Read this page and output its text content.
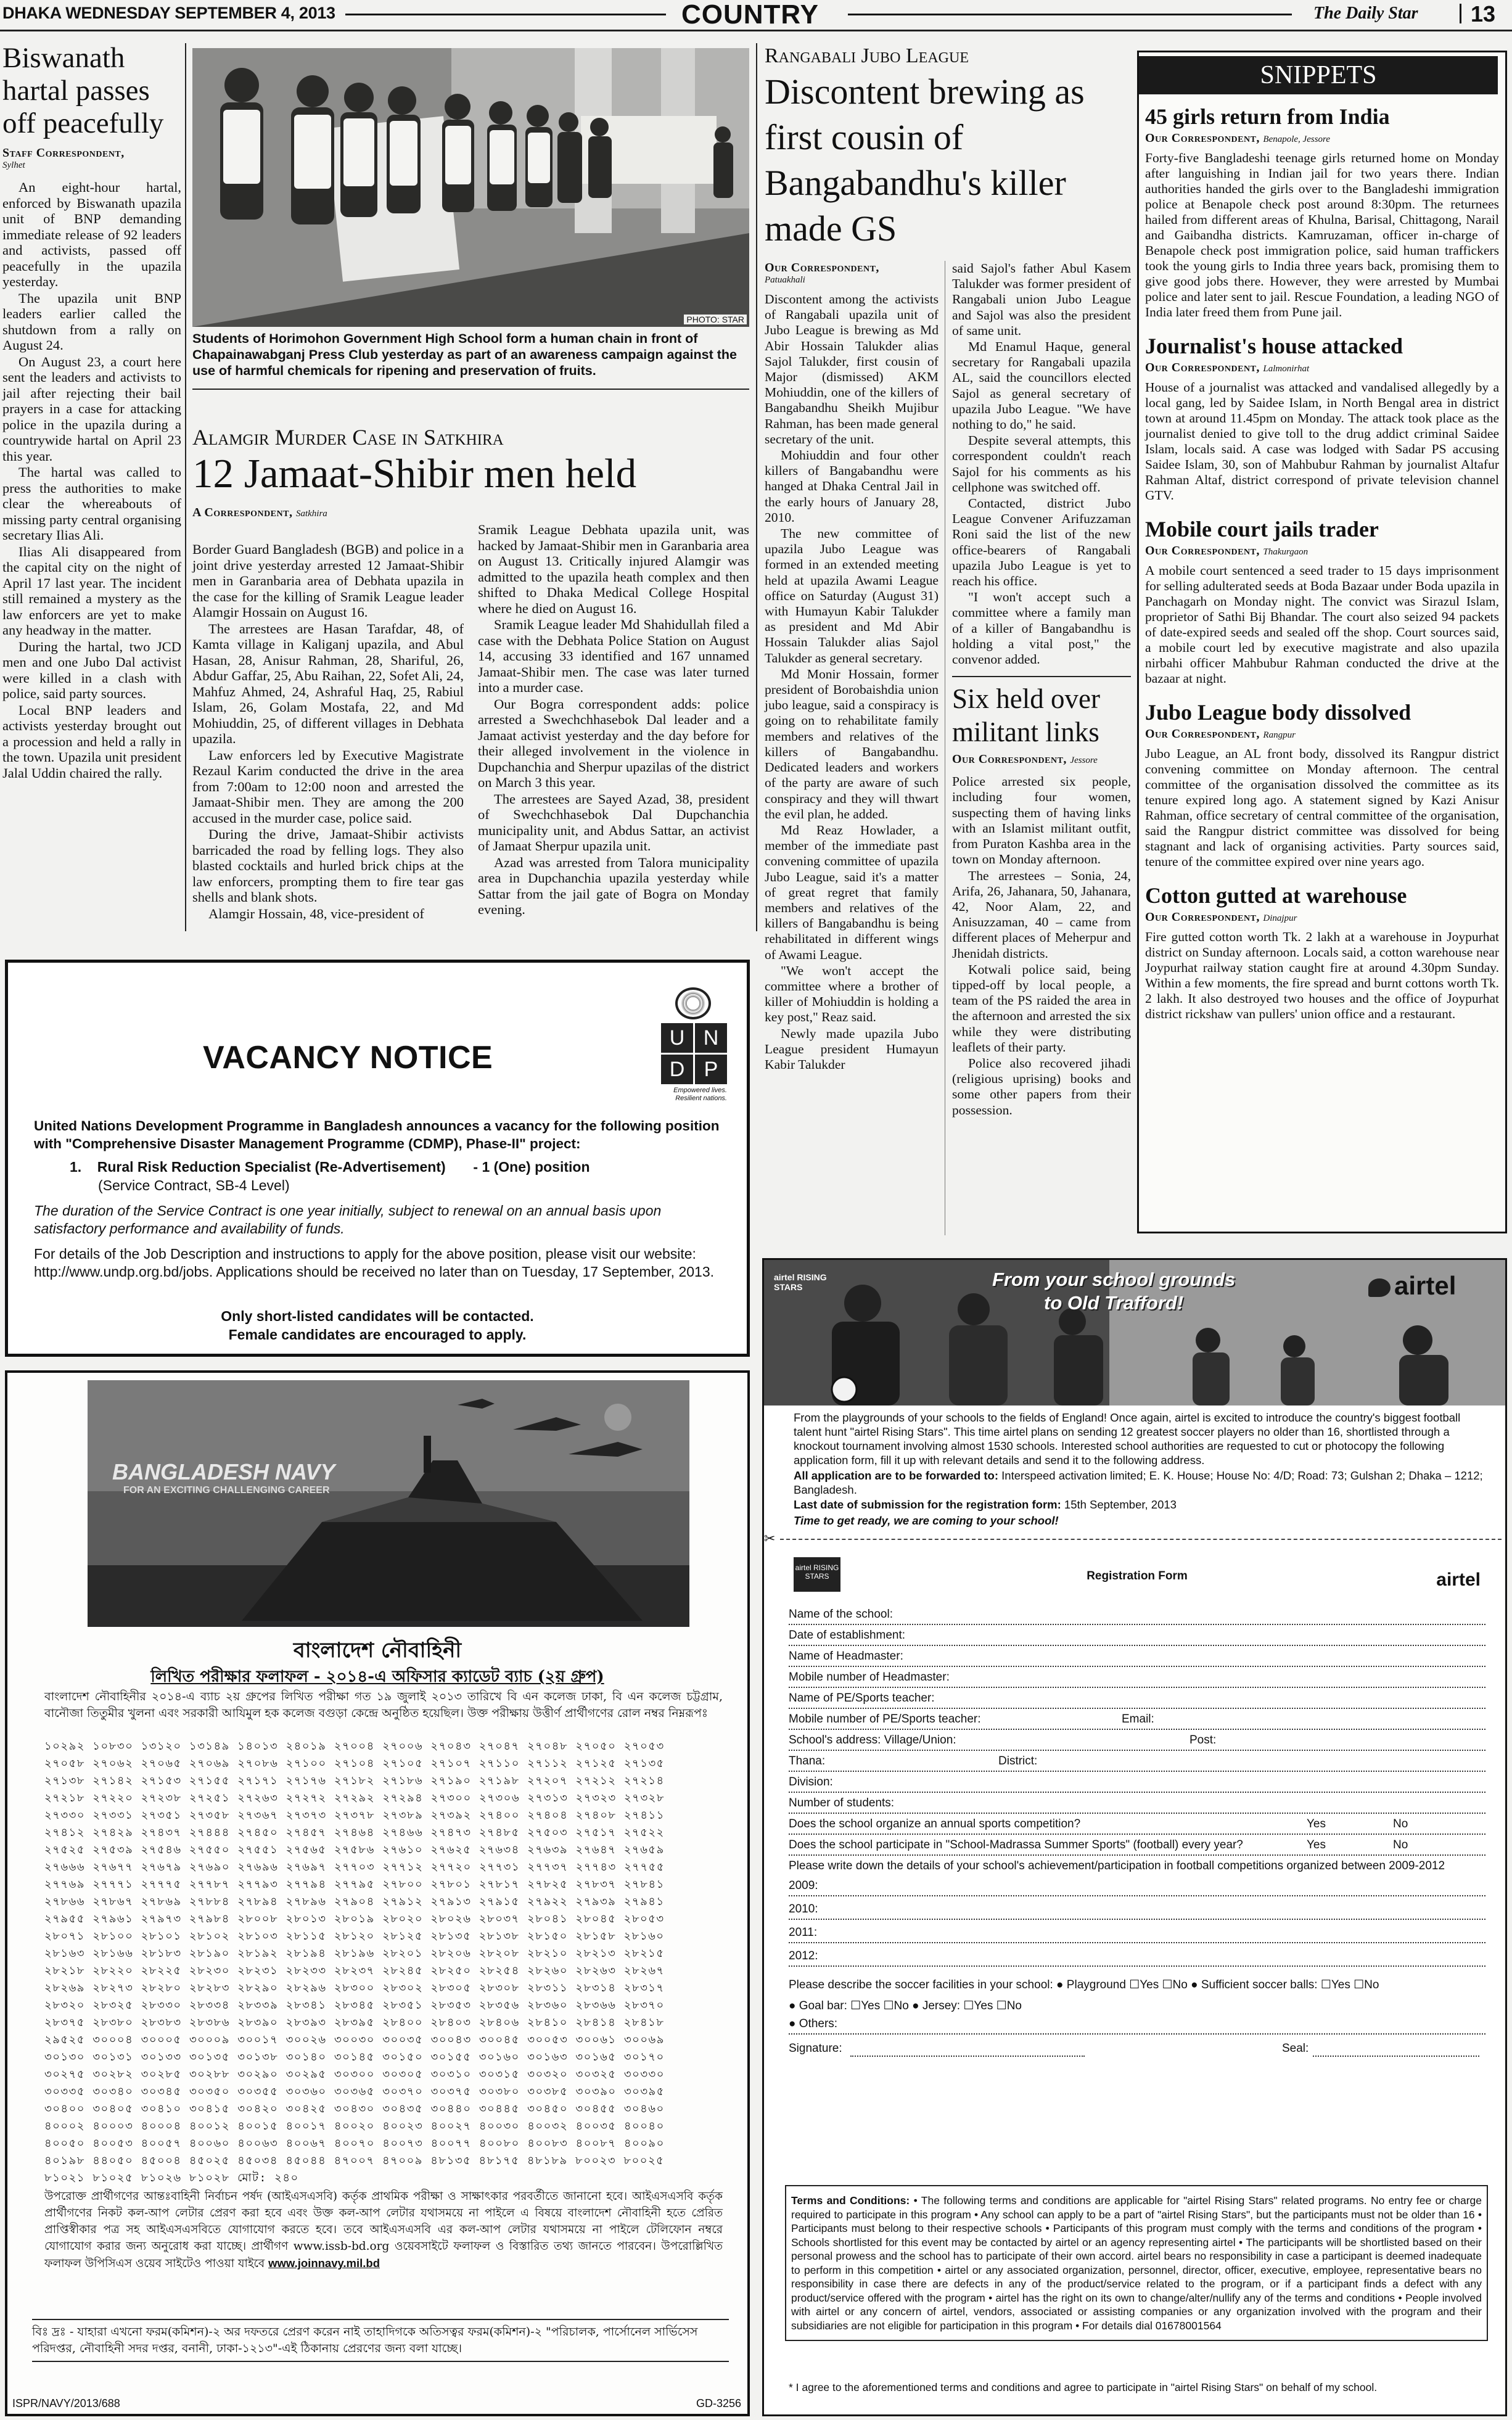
DHAKA WEDNESDAY SEPTEMBER 4, 2013	COUNTRY	The Daily Star 13
Biswanath hartal passes off peacefully
Staff Correspondent,
Sylhet

An eight-hour hartal, enforced by Biswanath upazila unit of BNP demanding immediate release of 92 leaders and activists, passed off peacefully in the upazila yesterday.

The upazila unit BNP leaders earlier called the shutdown from a rally on August 24.

On August 23, a court here sent the leaders and activists to jail after rejecting their bail prayers in a case for attacking police in the upazila during a countrywide hartal on April 23 this year.

The hartal was called to press the authorities to make clear the whereabouts of missing party central organising secretary Ilias Ali.

Ilias Ali disappeared from the capital city on the night of April 17 last year. The incident still remained a mystery as the law enforcers are yet to make any headway in the matter.

During the hartal, two JCD men and one Jubo Dal activist were killed in a clash with police, said party sources.

Local BNP leaders and activists yesterday brought out a procession and held a rally in the town. Upazila unit president Jalal Uddin chaired the rally.

PHOTO: STAR
Students of Horimohon Government High School form a human chain in front of Chapainawabganj Press Club yesterday as part of an awareness campaign against the use of harmful chemicals for ripening and preservation of fruits.
Alamgir Murder Case in Satkhira
12 Jamaat-Shibir men held
A Correspondent, Satkhira

Border Guard Bangladesh (BGB) and police in a joint drive yesterday arrested 12 Jamaat-Shibir men in Garanbaria area of Debhata upazila in the case for the killing of Sramik League leader Alamgir Hossain on August 16.

The arrestees are Hasan Tarafdar, 48, of Kamta village in Kaliganj upazila, and Abul Hasan, 28, Anisur Rahman, 28, Shariful, 26, Abdur Gaffar, 25, Abu Raihan, 22, Sofet Ali, 24, Mahfuz Ahmed, 24, Ashraful Haq, 25, Rabiul Islam, 26, Golam Mostafa, 22, and Md Mohiuddin, 25, of different villages in Debhata upazila.

Law enforcers led by Executive Magistrate Rezaul Karim conducted the drive in the area from 7:00am to 12:00 noon and arrested the Jamaat-Shibir men. They are among the 200 accused in the murder case, police said.

During the drive, Jamaat-Shibir activists barricaded the road by felling logs. They also blasted cocktails and hurled brick chips at the law enforcers, prompting them to fire tear gas shells and blank shots.

Alamgir Hossain, 48, vice-president of

Sramik League Debhata upazila unit, was hacked by Jamaat-Shibir men in Garanbaria area on August 13. Critically injured Alamgir was admitted to the upazila heath complex and then shifted to Dhaka Medical College Hospital where he died on August 16.

Sramik League leader Md Shahidullah filed a case with the Debhata Police Station on August 14, accusing 33 identified and 167 unnamed Jamaat-Shibir men. The case was later turned into a murder case.

Our Bogra correspondent adds: police arrested a Swechchhasebok Dal leader and a Jamaat activist yesterday and the day before for their alleged involvement in the violence in Dupchanchia and Sherpur upazilas of the district on March 3 this year.

The arrestees are Sayed Azad, 38, president of Swechchhasebok Dal Dupchanchia municipality unit, and Abdus Sattar, an activist of Jamaat Sherpur upazila unit.

Azad was arrested from Talora municipality area in Dupchanchia upazila yesterday while Sattar from the jail gate of Bogra on Monday evening.

Rangabali Jubo League
Discontent brewing as first cousin of Bangabandhu's killer made GS
Our Correspondent,
Patuakhali

Discontent among the activists of Rangabali upazila unit of Jubo League is brewing as Md Abir Hossain Talukder alias Sajol Talukder, first cousin of Major (dismissed) AKM Mohiuddin, one of the killers of Bangabandhu Sheikh Mujibur Rahman, has been made general secretary of the unit.

Mohiuddin and four other killers of Bangabandhu were hanged at Dhaka Central Jail in the early hours of January 28, 2010.

The new committee of upazila Jubo League was formed in an extended meeting held at upazila Awami League office on Saturday (August 31) with Humayun Kabir Talukder as president and Md Abir Hossain Talukder alias Sajol Talukder as general secretary.

Md Monir Hossain, former president of Borobaishdia union jubo league, said a conspiracy is going on to rehabilitate family members and relatives of the killers of Bangabandhu. Dedicated leaders and workers of the party are aware of such conspiracy and they will thwart the evil plan, he added.

Md Reaz Howlader, a member of the immediate past convening committee of upazila Jubo League, said it's a matter of great regret that family members and relatives of the killers of Bangabandhu is being rehabilitated in different wings of Awami League.

"We won't accept the committee where a brother of killer of Mohiuddin is holding a key post," Reaz said.

Newly made upazila Jubo League president Humayun Kabir Talukder

said Sajol's father Abul Kasem Talukder was former president of Rangabali union Jubo League and Sajol was also the president of same unit.

Md Enamul Haque, general secretary for Rangabali upazila AL, said the councillors elected Sajol as general secretary of upazila Jubo League. "We have nothing to do," he said.

Despite several attempts, this correspondent couldn't reach Sajol for his comments as his cellphone was switched off.

Contacted, district Jubo League Convener Arifuzzaman Roni said the list of the new office-bearers of Rangabali upazila Jubo League is yet to reach his office.

"I won't accept such a committee where a family man of a killer of Bangabandhu is holding a vital post," the convenor added.

Six held over militant links
Our Correspondent, Jessore

Police arrested six people, including four women, suspecting them of having links with an Islamist militant outfit, from Puraton Kashba area in the town on Monday afternoon.

The arrestees – Sonia, 24, Arifa, 26, Jahanara, 50, Jahanara, 42, Noor Alam, 22, and Anisuzzaman, 40 – came from different places of Meherpur and Jhenidah districts.

Kotwali police said, being tipped-off by local people, a team of the PS raided the area in the afternoon and arrested the six while they were distributing leaflets of their party.

Police also recovered jihadi (religious uprising) books and some other papers from their possession.

SNIPPETS
45 girls return from India
Our Correspondent, Benapole, Jessore
Forty-five Bangladeshi teenage girls returned home on Monday after languishing in Indian jail for two years there. Indian authorities handed the girls over to the Bangladeshi immigration police at Benapole check post around 8:30pm. The returnees hailed from different areas of Khulna, Barisal, Chittagong, Narail and Gaibandha districts. Kamruzaman, officer in-charge of Benapole check post immigration police, said human traffickers took the young girls to India three years back, promising them to give good jobs there. However, they were arrested by Mumbai police and later sent to jail. Rescue Foundation, a leading NGO of India later freed them from Pune jail.
Journalist's house attacked
Our Correspondent, Lalmonirhat
House of a journalist was attacked and vandalised allegedly by a local gang, led by Saidee Islam, in North Bengal area in district town at around 11.45pm on Monday. The attack took place as the journalist denied to give toll to the drug addict criminal Saidee Islam, locals said. A case was lodged with Sadar PS accusing Saidee Islam, 30, son of Mahbubur Rahman by journalist Altafur Rahman Altaf, district correspond of private television channel GTV.
Mobile court jails trader
Our Correspondent, Thakurgaon
A mobile court sentenced a seed trader to 15 days imprisonment for selling adulterated seeds at Boda Bazaar under Boda upazila in Panchagarh on Monday night. The convict was Sirazul Islam, proprietor of Sathi Bij Bhandar. The court also seized 94 packets of date-expired seeds and sealed off the shop. Court sources said, a mobile court led by executive magistrate and also upazila nirbahi officer Mahbubur Rahman conducted the drive at the bazaar at night.
Jubo League body dissolved
Our Correspondent, Rangpur
Jubo League, an AL front body, dissolved its Rangpur district convening committee on Monday afternoon. The central committee of the organisation dissolved the committee as its tenure expired long ago. A statement signed by Kazi Anisur Rahman, office secretary of central committee of the organisation, said the Rangpur district committee was dissolved for being stagnant and lack of organising activities. Party sources said, tenure of the committee expired over nine years ago.
Cotton gutted at warehouse
Our Correspondent, Dinajpur
Fire gutted cotton worth Tk. 2 lakh at a warehouse in Joypurhat district on Sunday afternoon. Locals said, a cotton warehouse near Joypurhat railway station caught fire at around 4.30pm Sunday. Within a few moments, the fire spread and burnt cottons worth Tk. 2 lakh. It also destroyed two houses and the office of Joypurhat district rickshaw van pullers' union office and a restaurant.
VACANCY NOTICE
U N
D P
Empowered lives. Resilient nations.
United Nations Development Programme in Bangladesh announces a vacancy for the following position with "Comprehensive Disaster Management Programme (CDMP), Phase-II" project:
1. Rural Risk Reduction Specialist (Re-Advertisement) - 1 (One) position
(Service Contract, SB-4 Level)
The duration of the Service Contract is one year initially, subject to renewal on an annual basis upon satisfactory performance and availability of funds.
For details of the Job Description and instructions to apply for the above position, please visit our website: http://www.undp.org.bd/jobs. Applications should be received no later than on Tuesday, 17 September, 2013.
Only short-listed candidates will be contacted.
Female candidates are encouraged to apply.
BANGLADESH NAVY
FOR AN EXCITING CHALLENGING CAREER
বাংলাদেশ নৌবাহিনী
লিখিত পরীক্ষার ফলাফল - ২০১৪-এ অফিসার ক্যাডেট ব্যাচ (২য় গ্রুপ)
বাংলাদেশ নৌবাহিনীর ২০১৪-এ ব্যাচ ২য় গ্রুপের লিখিত পরীক্ষা গত ১৯ জুলাই ২০১৩ তারিখে বি এন কলেজ ঢাকা, বি এন কলেজ চট্টগ্রাম, বানৌজা তিতুমীর খুলনা এবং সরকারী আযিমুল হক কলেজ বগুড়া কেন্দ্রে অনুষ্ঠিত হয়েছিল। উক্ত পরীক্ষায় উত্তীর্ণ প্রার্থীগণের রোল নম্বর নিম্নরূপঃ
১০২৯২ ১০৮৩০ ১৩১২০ ১৩১৪৯ ১৪০১৩ ২৪০১৯ ২৭০০৪ ২৭০০৬ ২৭০৪৩ ২৭০৪৭ ২৭০৪৮ ২৭০৫০ ২৭০৫৩
২৭০৫৮ ২৭০৬২ ২৭০৬৫ ২৭০৬৯ ২৭০৮৬ ২৭১০০ ২৭১০৪ ২৭১০৫ ২৭১০৭ ২৭১১০ ২৭১১২ ২৭১২৫ ২৭১৩৫
২৭১৩৮ ২৭১৪২ ২৭১৫৩ ২৭১৫৫ ২৭১৭১ ২৭১৭৬ ২৭১৮২ ২৭১৮৬ ২৭১৯০ ২৭১৯৮ ২৭২০৭ ২৭২১২ ২৭২১৪
২৭২১৮ ২৭২২০ ২৭২৩৮ ২৭২৫১ ২৭২৬৩ ২৭২৭২ ২৭২৯২ ২৭২৯৪ ২৭৩০০ ২৭৩০৬ ২৭৩১৩ ২৭৩২৩ ২৭৩২৮
২৭৩৩০ ২৭৩৩১ ২৭৩৫১ ২৭৩৫৮ ২৭৩৬৭ ২৭৩৭৩ ২৭৩৭৮ ২৭৩৮৯ ২৭৩৯২ ২৭৪০০ ২৭৪০৪ ২৭৪০৮ ২৭৪১১
২৭৪১২ ২৭৪২৯ ২৭৪৩৭ ২৭৪৪৪ ২৭৪৫০ ২৭৪৫৭ ২৭৪৬৪ ২৭৪৬৬ ২৭৪৭৩ ২৭৪৮৫ ২৭৫০৩ ২৭৫১৭ ২৭৫২২
২৭৫২৫ ২৭৫৩৯ ২৭৫৪৬ ২৭৫৫০ ২৭৫৫১ ২৭৫৬৫ ২৭৫৮৬ ২৭৬১০ ২৭৬২৫ ২৭৬৩৪ ২৭৬৩৯ ২৭৬৪৭ ২৭৬৫৯
২৭৬৬৬ ২৭৬৭৭ ২৭৬৭৯ ২৭৬৯০ ২৭৬৯৬ ২৭৬৯৭ ২৭৭০৩ ২৭৭১২ ২৭৭২০ ২৭৭৩১ ২৭৭৩৭ ২৭৭৪৩ ২৭৭৫৫
২৭৭৬৯ ২৭৭৭১ ২৭৭৭৫ ২৭৭৮৭ ২৭৭৯৩ ২৭৭৯৪ ২৭৭৯৫ ২৭৮০০ ২৭৮০১ ২৭৮১৭ ২৭৮২৫ ২৭৮৩৭ ২৭৮৪১
২৭৮৬৬ ২৭৮৬৭ ২৭৮৬৯ ২৭৮৮৪ ২৭৮৯৪ ২৭৮৯৬ ২৭৯০৪ ২৭৯১২ ২৭৯১৩ ২৭৯১৫ ২৭৯২২ ২৭৯৩৯ ২৭৯৪১
২৭৯৫৫ ২৭৯৬১ ২৭৯৭৩ ২৭৯৮৪ ২৮০০৮ ২৮০১৩ ২৮০১৯ ২৮০২০ ২৮০২৬ ২৮০৩৭ ২৮০৪১ ২৮০৪৫ ২৮০৫৩
২৮০৭১ ২৮১০০ ২৮১০১ ২৮১০২ ২৮১০৩ ২৮১১৫ ২৮১২০ ২৮১২৫ ২৮১৩৫ ২৮১৩৮ ২৮১৫০ ২৮১৫৮ ২৮১৬০
২৮১৬৩ ২৮১৬৬ ২৮১৮৩ ২৮১৯০ ২৮১৯২ ২৮১৯৪ ২৮১৯৬ ২৮২০১ ২৮২০৬ ২৮২০৮ ২৮২১০ ২৮২১৩ ২৮২১৫
২৮২১৮ ২৮২২০ ২৮২২৫ ২৮২৩০ ২৮২৩১ ২৮২৩৩ ২৮২৩৭ ২৮২৪৫ ২৮২৫০ ২৮২৫৪ ২৮২৬০ ২৮২৬৩ ২৮২৬৭
২৮২৬৯ ২৮২৭৩ ২৮২৮০ ২৮২৮৩ ২৮২৯০ ২৮২৯৬ ২৮৩০০ ২৮৩০২ ২৮৩০৫ ২৮৩০৮ ২৮৩১১ ২৮৩১৪ ২৮৩১৭
২৮৩২০ ২৮৩২৫ ২৮৩৩০ ২৮৩৩৪ ২৮৩৩৯ ২৮৩৪১ ২৮৩৪৫ ২৮৩৫১ ২৮৩৫৩ ২৮৩৫৬ ২৮৩৬০ ২৮৩৬৬ ২৮৩৭০
২৮৩৭৫ ২৮৩৮০ ২৮৩৮৩ ২৮৩৮৬ ২৮৩৯০ ২৮৩৯৩ ২৮৩৯৫ ২৮৪০০ ২৮৪০৩ ২৮৪০৬ ২৮৪১০ ২৮৪১৪ ২৮৪১৮
২৯৫২৫ ৩০০০৪ ৩০০০৫ ৩০০০৯ ৩০০১৭ ৩০০২৬ ৩০০৩০ ৩০০৩৫ ৩০০৪৩ ৩০০৪৫ ৩০০৫৩ ৩০০৬১ ৩০০৬৯
৩০১৩০ ৩০১৩১ ৩০১৩৩ ৩০১৩৫ ৩০১৩৮ ৩০১৪০ ৩০১৪৫ ৩০১৫০ ৩০১৫৫ ৩০১৬০ ৩০১৬৩ ৩০১৬৫ ৩০১৭০
৩০২৭৫ ৩০২৮২ ৩০২৮৫ ৩০২৮৮ ৩০২৯০ ৩০২৯৫ ৩০৩০০ ৩০৩০৫ ৩০৩১০ ৩০৩১৫ ৩০৩২০ ৩০৩২৫ ৩০৩৩০
৩০৩৩৫ ৩০৩৪০ ৩০৩৪৫ ৩০৩৫০ ৩০৩৫৫ ৩০৩৬০ ৩০৩৬৫ ৩০৩৭০ ৩০৩৭৫ ৩০৩৮০ ৩০৩৮৫ ৩০৩৯০ ৩০৩৯৫
৩০৪০০ ৩০৪০৫ ৩০৪১০ ৩০৪১৫ ৩০৪২০ ৩০৪২৫ ৩০৪৩০ ৩০৪৩৫ ৩০৪৪০ ৩০৪৪৫ ৩০৪৫০ ৩০৪৫৫ ৩০৪৬০
৪০০০২ ৪০০০৩ ৪০০০৪ ৪০০১২ ৪০০১৫ ৪০০১৭ ৪০০২০ ৪০০২৩ ৪০০২৭ ৪০০৩০ ৪০০৩২ ৪০০৩৫ ৪০০৪০
৪০০৫০ ৪০০৫৩ ৪০০৫৭ ৪০০৬০ ৪০০৬৩ ৪০০৬৭ ৪০০৭০ ৪০০৭৩ ৪০০৭৭ ৪০০৮০ ৪০০৮৩ ৪০০৮৭ ৪০০৯০
৪০১৯৮ ৪৪০৫০ ৪৫০০৪ ৪৫০২৫ ৪৫০৩৪ ৪৫০৪৪ ৪৭০০৭ ৪৭০০৯ ৪৮১৩৫ ৪৮১৭৫ ৪৮১৮৯ ৮০০২৩ ৮০০২৫
৮১০২১ ৮১০২৫ ৮১০২৬ ৮১০২৮ মোট: ২৪০
উপরোক্ত প্রার্থীগণের আন্তঃবাহিনী নির্বাচন পর্ষদ (আইএসএসবি) কর্তৃক প্রাথমিক পরীক্ষা ও সাক্ষাৎকার পরবর্তীতে জানানো হবে। আইএসএসবি কর্তৃক প্রার্থীগণের নিকট কল-আপ লেটার প্রেরণ করা হবে এবং উক্ত কল-আপ লেটার যথাসময়ে না পাইলে এ বিষয়ে বাংলাদেশ নৌবাহিনী হতে প্রেরিত প্রাপ্তিস্বীকার পত্র সহ আইএসএসবিতে যোগাযোগ করতে হবে। তবে আইএসএসবি এর কল-আপ লেটার যথাসময়ে না পাইলে টেলিফোন নম্বরে যোগাযোগ করার জন্য অনুরোধ করা যাচ্ছে। প্রার্থীগণ www.issb-bd.org ওয়েবসাইটে ফলাফল ও বিস্তারিত তথ্য জানতে পারবেন। উপরোল্লিখিত ফলাফল উপিসিএস ওয়েব সাইটেও পাওয়া যাইবে www.joinnavy.mil.bd
বিঃ দ্রঃ - যাহারা এখনো ফরম(কমিশন)-২ অর দফতরে প্রেরণ করেন নাই তাহাদিগকে অতিসত্বর ফরম(কমিশন)-২ "পরিচালক, পার্সোনেল সার্ভিসেস পরিদপ্তর, নৌবাহিনী সদর দপ্তর, বনানী, ঢাকা-১২১৩"-এই ঠিকানায় প্রেরণের জন্য বলা যাচ্ছে।
ISPR/NAVY/2013/688	GD-3256
airtel RISING STARS	From your school grounds
to Old Trafford!
airtel
From the playgrounds of your schools to the fields of England! Once again, airtel is excited to introduce the country's biggest football talent hunt "airtel Rising Stars". This time airtel plans on sending 12 greatest soccer players no older than 16, shortlisted through a knockout tournament involving almost 1530 schools. Interested school authorities are requested to cut or photocopy the following application form, fill it up with relevant details and send it to the following address.
All application are to be forwarded to: Interspeed activation limited; E. K. House; House No: 4/D; Road: 73; Gulshan 2; Dhaka – 1212; Bangladesh.
Last date of submission for the registration form: 15th September, 2013
Time to get ready, we are coming to your school!
✂
airtel RISING STARS	Registration Form	airtel
Name of the school:
Date of establishment:
Name of Headmaster:
Mobile number of Headmaster:
Name of PE/Sports teacher:
Mobile number of PE/Sports teacher:	Email:
School's address: Village/Union:	Post:
Thana:	District:
Division:
Number of students:
Does the school organize an annual sports competition?	Yes	No
Does the school participate in "School-Madrassa Summer Sports" (football) every year?	Yes	No
Please write down the details of your school's achievement/participation in football competitions organized between 2009-2012
2009:
2010:
2011:
2012:
Please describe the soccer facilities in your school: ● Playground ☐Yes ☐No ● Sufficient soccer balls: ☐Yes ☐No
● Goal bar: ☐Yes ☐No ● Jersey: ☐Yes ☐No
● Others:
Signature:	Seal:
Terms and Conditions: • The following terms and conditions are applicable for "airtel Rising Stars" related programs. No entry fee or charge required to participate in this program • Any school can apply to be a part of "airtel Rising Stars", but the participants must not be older than 16 • Participants must belong to their respective schools • Participants of this program must comply with the terms and conditions of the program • Schools shortlisted for this event may be contacted by airtel or an agency representing airtel • The participants will be shortlisted based on their personal prowess and the school has to participate of their own accord. airtel bears no responsibility in case a participant is deemed inadequate to perform in this competition • airtel or any associated organization, personnel, director, officer, executive, employee, representative bears no responsibility in case there are defects in any of the product/service related to the program, or if a participant finds a defect with any product/service offered with the program • airtel has the right on its own to change/alter/nullify any of the terms and conditions • People involved with airtel or any concern of airtel, vendors, associated or assisting companies or any organization involved with the program and their subsidiaries are not eligible for participation in this program • For details dial 01678001564
* I agree to the aforementioned terms and conditions and agree to participate in "airtel Rising Stars" on behalf of my school.
